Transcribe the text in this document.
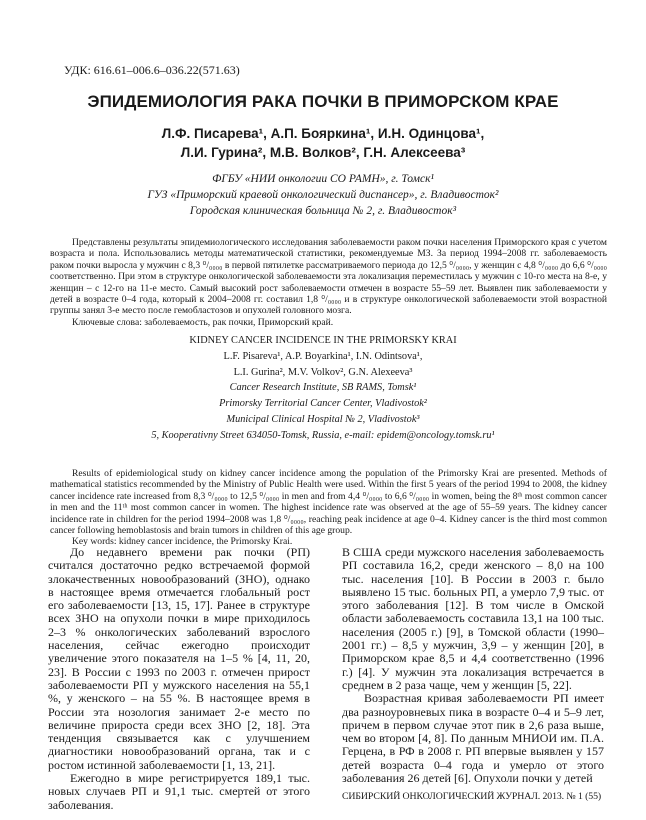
УДК: 616.61–006.6–036.22(571.63)
ЭПИДЕМИОЛОГИЯ РАКА ПОЧКИ В ПРИМОРСКОМ КРАЕ
Л.Ф. Писарева¹, А.П. Бояркина¹, И.Н. Одинцова¹,
Л.И. Гурина², М.В. Волков², Г.Н. Алексеева³
ФГБУ «НИИ онкологии СО РАМН», г. Томск¹
ГУЗ «Приморский краевой онкологический диспансер», г. Владивосток²
Городская клиническая больница № 2, г. Владивосток³

Представлены результаты эпидемиологического исследования заболеваемости раком почки населения Приморского края с учетом возраста и пола. Использовались методы математической статистики, рекомендуемые МЗ. За период 1994–2008 гг. заболеваемость раком почки выросла у мужчин с 8,3 ⁰/₀₀₀₀ в первой пятилетке рассматриваемого периода до 12,5 ⁰/₀₀₀₀, у женщин с 4,8 ⁰/₀₀₀₀ до 6,6 ⁰/₀₀₀₀ соответственно. При этом в структуре онкологической заболеваемости эта локализация переместилась у мужчин с 10-го места на 8-е, у женщин – с 12-го на 11-е место. Самый высокий рост заболеваемости отмечен в возрасте 55–59 лет. Выявлен пик заболеваемости у детей в возрасте 0–4 года, который к 2004–2008 гг. составил 1,8 ⁰/₀₀₀₀ и в структуре онкологической заболеваемости этой возрастной группы занял 3-е место после гемобластозов и опухолей головного мозга.

Ключевые слова: заболеваемость, рак почки, Приморский край.

KIDNEY CANCER INCIDENCE IN THE PRIMORSKY KRAI
L.F. Pisareva¹, A.P. Boyarkina¹, I.N. Odintsova¹,
L.I. Gurina², M.V. Volkov², G.N. Alexeeva³
Cancer Research Institute, SB RAMS, Tomsk¹
Primorsky Territorial Cancer Center, Vladivostok²
Municipal Clinical Hospital № 2, Vladivostok³
5, Kooperativny Street 634050-Tomsk, Russia, e-mail: epidem@oncology.tomsk.ru¹

Results of epidemiological study on kidney cancer incidence among the population of the Primorsky Krai are presented. Methods of mathematical statistics recommended by the Ministry of Public Health were used. Within the first 5 years of the period 1994 to 2008, the kidney cancer incidence rate increased from 8,3 ⁰/₀₀₀₀ to 12,5 ⁰/₀₀₀₀ in men and from 4,4 ⁰/₀₀₀₀ to 6,6 ⁰/₀₀₀₀ in women, being the 8ᵗʰ most common cancer in men and the 11ᵗʰ most common cancer in women. The highest incidence rate was observed at the age of 55–59 years. The kidney cancer incidence rate in children for the period 1994–2008 was 1,8 ⁰/₀₀₀₀, reaching peak incidence at age 0–4. Kidney cancer is the third most common cancer following hemoblastosis and brain tumors in children of this age group.

Key words: kidney cancer incidence, the Primorsky Krai.

До недавнего времени рак почки (РП) считался достаточно редко встречаемой формой злокачественных новообразований (ЗНО), однако в настоящее время отмечается глобальный рост его заболеваемости [13, 15, 17]. Ранее в структуре всех ЗНО на опухоли почки в мире приходилось 2–3 % онкологических заболеваний взрослого населения, сейчас ежегодно происходит увеличение этого показателя на 1–5 % [4, 11, 20, 23]. В России с 1993 по 2003 г. отмечен прирост заболеваемости РП у мужского населения на 55,1 %, у женского – на 55 %. В настоящее время в России эта нозология занимает 2-е место по величине прироста среди всех ЗНО [2, 18]. Эта тенденция связывается как с улучшением диагностики новообразований органа, так и с ростом истинной заболеваемости [1, 13, 21].

Ежегодно в мире регистрируется 189,1 тыс. новых случаев РП и 91,1 тыс. смертей от этого заболевания.

В США среди мужского населения заболеваемость РП составила 16,2, среди женского – 8,0 на 100 тыс. населения [10]. В России в 2003 г. было выявлено 15 тыс. больных РП, а умерло 7,9 тыс. от этого заболевания [12]. В том числе в Омской области заболеваемость составила 13,1 на 100 тыс. населения (2005 г.) [9], в Томской области (1990–2001 гг.) – 8,5 у мужчин, 3,9 – у женщин [20], в Приморском крае 8,5 и 4,4 соответственно (1996 г.) [4]. У мужчин эта локализация встречается в среднем в 2 раза чаще, чем у женщин [5, 22].

Возрастная кривая заболеваемости РП имеет два разноуровневых пика в возрасте 0–4 и 5–9 лет, причем в первом случае этот пик в 2,6 раза выше, чем во втором [4, 8]. По данным МНИОИ им. П.А. Герцена, в РФ в 2008 г. РП впервые выявлен у 157 детей возраста 0–4 года и умерло от этого заболевания 26 детей [6]. Опухоли почки у детей

СИБИРСКИЙ ОНКОЛОГИЧЕСКИЙ ЖУРНАЛ. 2013. № 1 (55)
